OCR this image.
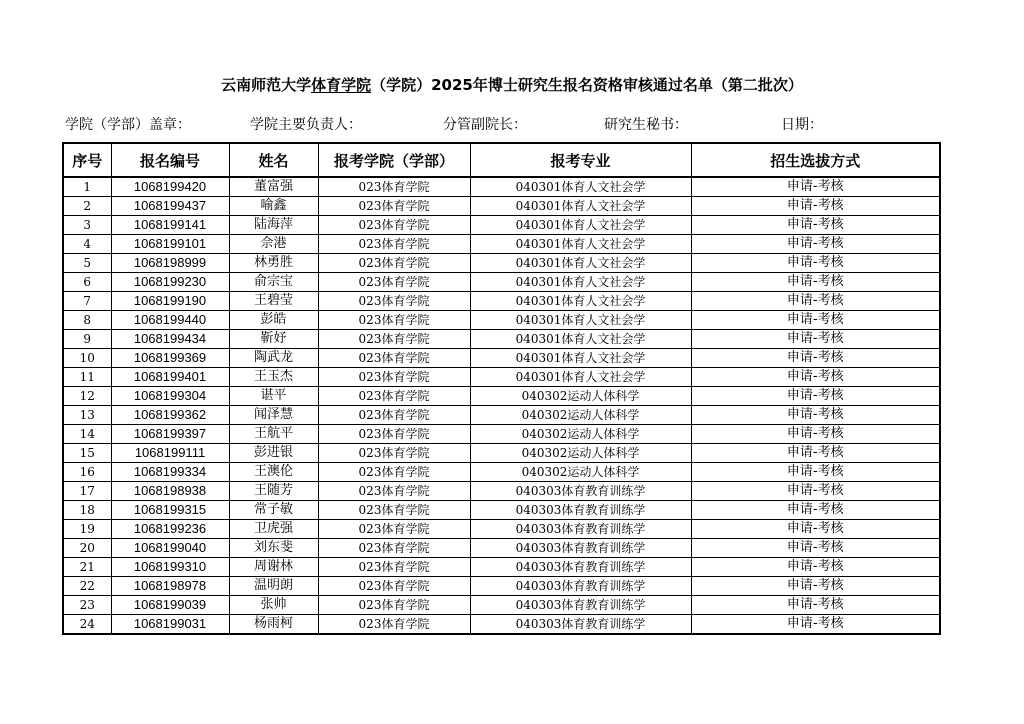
云南师范大学体育学院（学院）2025年博士研究生报名资格审核通过名单（第二批次）
学院（学部）盖章：	学院主要负责人：	分管副院长：	研究生秘书：	日期：
序号	报名编号	姓名	报考学院（学部）	报考专业	招生选拔方式
1	1068199420	董富强	023体育学院	040301体育人文社会学	申请-考核
2	1068199437	喻鑫	023体育学院	040301体育人文社会学	申请-考核
3	1068199141	陆海萍	023体育学院	040301体育人文社会学	申请-考核
4	1068199101	佘港	023体育学院	040301体育人文社会学	申请-考核
5	1068198999	林勇胜	023体育学院	040301体育人文社会学	申请-考核
6	1068199230	俞宗宝	023体育学院	040301体育人文社会学	申请-考核
7	1068199190	王碧莹	023体育学院	040301体育人文社会学	申请-考核
8	1068199440	彭皓	023体育学院	040301体育人文社会学	申请-考核
9	1068199434	靳妤	023体育学院	040301体育人文社会学	申请-考核
10	1068199369	陶武龙	023体育学院	040301体育人文社会学	申请-考核
11	1068199401	王玉杰	023体育学院	040301体育人文社会学	申请-考核
12	1068199304	谌平	023体育学院	040302运动人体科学	申请-考核
13	1068199362	闻泽慧	023体育学院	040302运动人体科学	申请-考核
14	1068199397	王航平	023体育学院	040302运动人体科学	申请-考核
15	1068199111	彭进银	023体育学院	040302运动人体科学	申请-考核
16	1068199334	王澳伦	023体育学院	040302运动人体科学	申请-考核
17	1068198938	王随芳	023体育学院	040303体育教育训练学	申请-考核
18	1068199315	常子敏	023体育学院	040303体育教育训练学	申请-考核
19	1068199236	卫虎强	023体育学院	040303体育教育训练学	申请-考核
20	1068199040	刘东斐	023体育学院	040303体育教育训练学	申请-考核
21	1068199310	周谢林	023体育学院	040303体育教育训练学	申请-考核
22	1068198978	温明朗	023体育学院	040303体育教育训练学	申请-考核
23	1068199039	张帅	023体育学院	040303体育教育训练学	申请-考核
24	1068199031	杨雨柯	023体育学院	040303体育教育训练学	申请-考核
